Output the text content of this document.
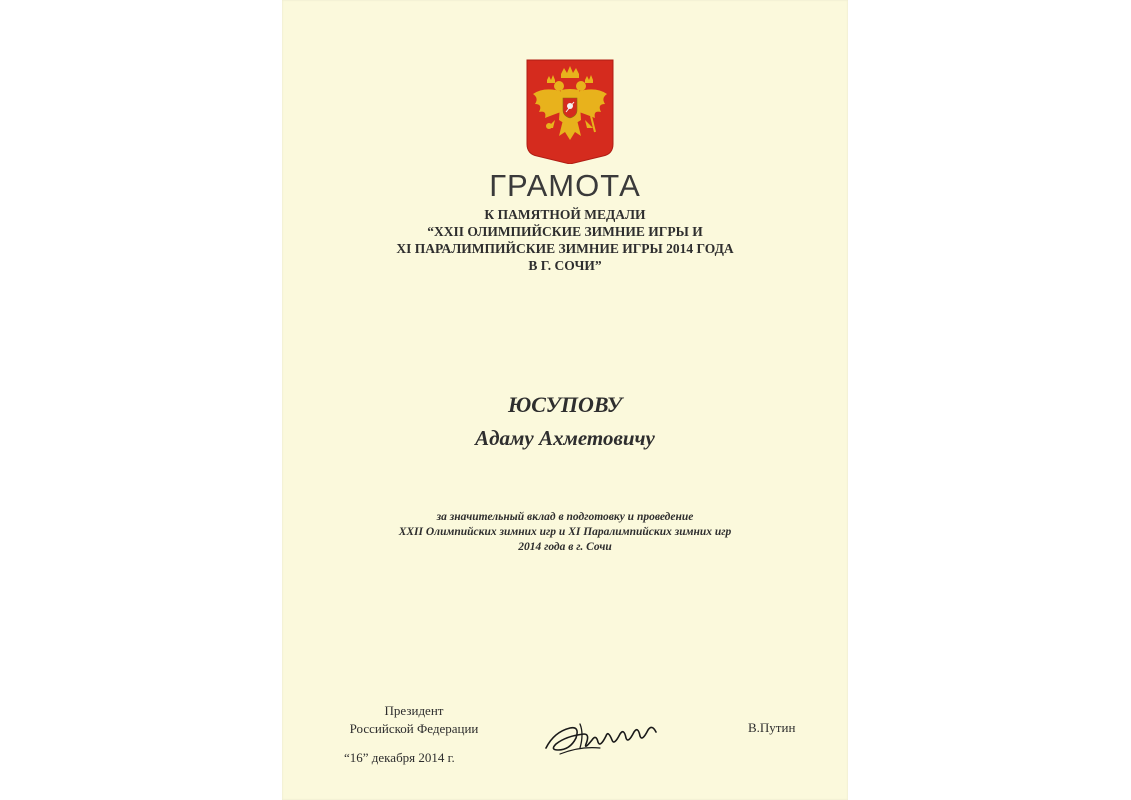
ГРАМОТА
К ПАМЯТНОЙ МЕДАЛИ
“XXII ОЛИМПИЙСКИЕ ЗИМНИЕ ИГРЫ И
XI ПАРАЛИМПИЙСКИЕ ЗИМНИЕ ИГРЫ 2014 ГОДА
В Г. СОЧИ”
ЮСУПОВУ
Адаму Ахметовичу
за значительный вклад в подготовку и проведение
XXII Олимпийских зимних игр и XI Паралимпийских зимних игр
2014 года в г. Сочи
Президент
Российской Федерации	В.Путин
“16” декабря 2014 г.
